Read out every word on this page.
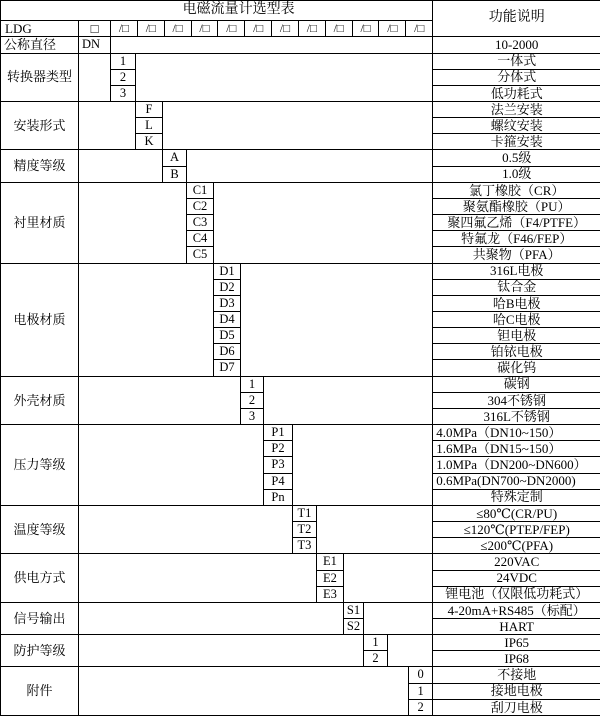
电磁流量计选型表															功能说明
LDG	□	/□	/□	/□	/□	/□	/□	/□	/□	/□	/□	/□	/□

公称直径	DN														10-2000
转换器类型		1													一体式
		2													分体式
		3													低功耗式
安装形式			F												法兰安装
			L												螺纹安装
			K												卡箍安装
精度等级				A											0.5级
				B											1.0级
衬里材质					C1										氯丁橡胶（CR）
					C2										聚氨酯橡胶（PU）
					C3										聚四氟乙烯（F4/PTFE）
					C4										特氟龙（F46/FEP）
					C5										共聚物（PFA）
电极材质						D1									316L电极
						D2									钛合金
						D3									哈B电极
						D4									哈C电极
						D5									钽电极
						D6									铂铱电极
						D7									碳化钨
外壳材质							1								碳钢
							2								304不锈钢
							3								316L不锈钢
压力等级								P1							4.0MPa（DN10~150）
								P2							1.6MPa（DN15~150）
								P3							1.0MPa（DN200~DN600）
								P4							0.6MPa(DN700~DN2000)
								Pn							特殊定制
温度等级									T1						≤80℃(CR/PU)
									T2						≤120℃(PTEP/FEP)
									T3						≤200℃(PFA)
供电方式										E1					220VAC
										E2					24VDC
										E3					锂电池（仅限低功耗式）
信号输出											S1				4-20mA+RS485（标配）
											S2				HART
防护等级												1			IP65
												2			IP68
附件														0	不接地
														1	接地电极
														2	刮刀电极
